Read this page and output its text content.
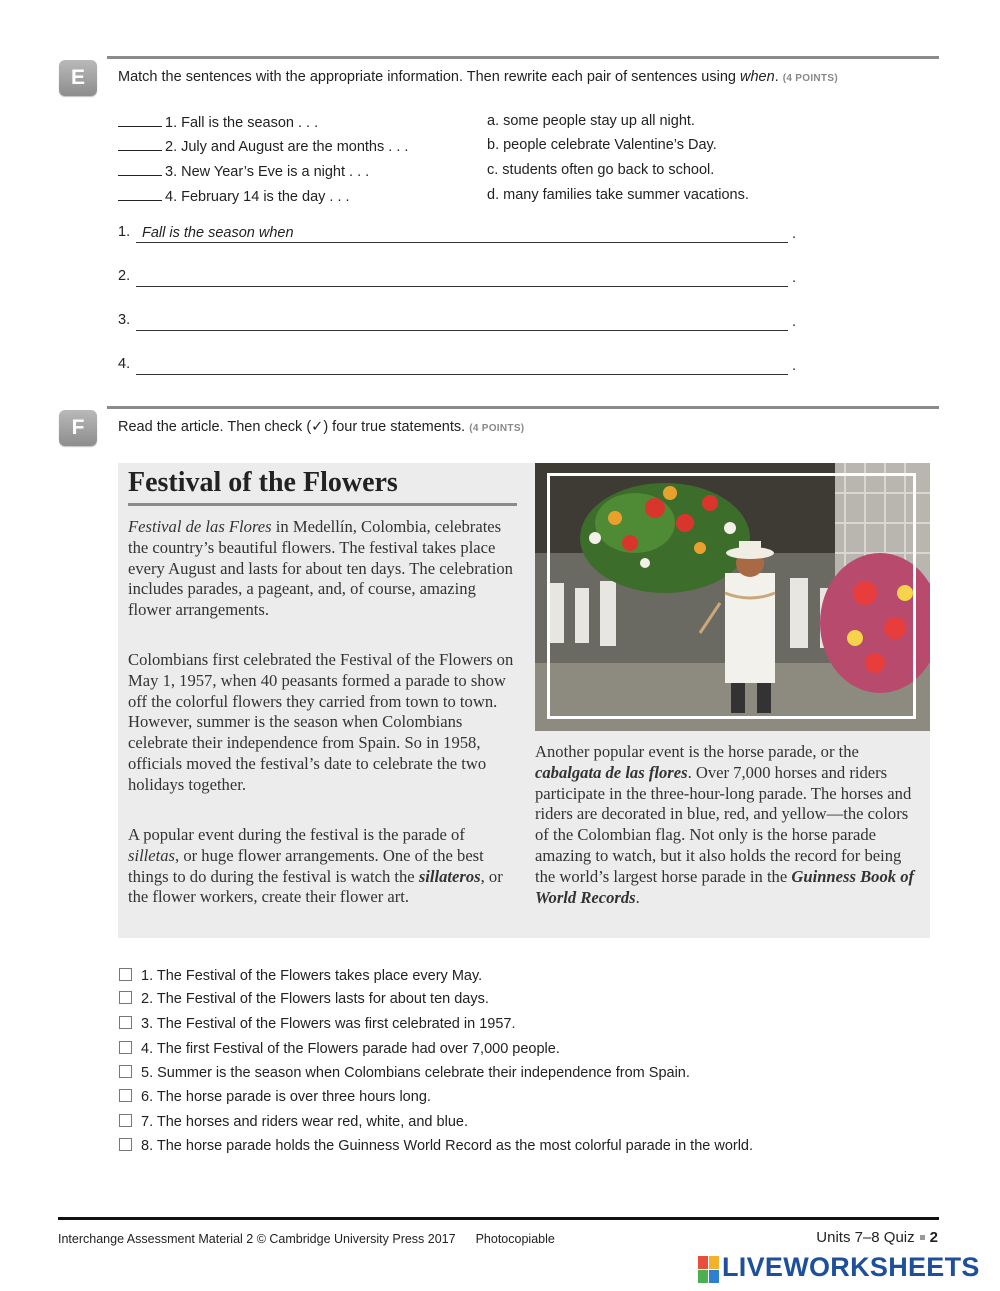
E	Match the sentences with the appropriate information. Then rewrite each pair of sentences using when. (4 POINTS)
1. Fall is the season . . .
2. July and August are the months . . .
3. New Year’s Eve is a night . . .
4. February 14 is the day . . .
a. some people stay up all night.
b. people celebrate Valentine’s Day.
c. students often go back to school.
d. many families take summer vacations.
1. Fall is the season when	.
2.	.
3.	.
4.	.
F	Read the article. Then check (✓) four true statements. (4 POINTS)
Festival of the Flowers
Festival de las Flores in Medellín, Colombia, celebrates the country’s beautiful flowers. The festival takes place every August and lasts for about ten days. The celebration includes parades, a pageant, and, of course, amazing flower arrangements.
Colombians first celebrated the Festival of the Flowers on May 1, 1957, when 40 peasants formed a parade to show off the colorful flowers they carried from town to town. However, summer is the season when Colombians celebrate their independence from Spain. So in 1958, officials moved the festival’s date to celebrate the two holidays together.
A popular event during the festival is the parade of silletas, or huge flower arrangements. One of the best things to do during the festival is watch the sillateros, or the flower workers, create their flower art.
Another popular event is the horse parade, or the cabalgata de las flores. Over 7,000 horses and riders participate in the three-hour-long parade. The horses and riders are decorated in blue, red, and yellow—the colors of the Colombian flag. Not only is the horse parade amazing to watch, but it also holds the record for being the world’s largest horse parade in the Guinness Book of World Records.
1. The Festival of the Flowers takes place every May.
2. The Festival of the Flowers lasts for about ten days.
3. The Festival of the Flowers was first celebrated in 1957.
4. The first Festival of the Flowers parade had over 7,000 people.
5. Summer is the season when Colombians celebrate their independence from Spain.
6. The horse parade is over three hours long.
7. The horses and riders wear red, white, and blue.
8. The horse parade holds the Guinness World Record as the most colorful parade in the world.
Interchange Assessment Material 2 © Cambridge University Press 2017 Photocopiable	Units 7–8 Quiz 2
LIVEWORKSHEETS
